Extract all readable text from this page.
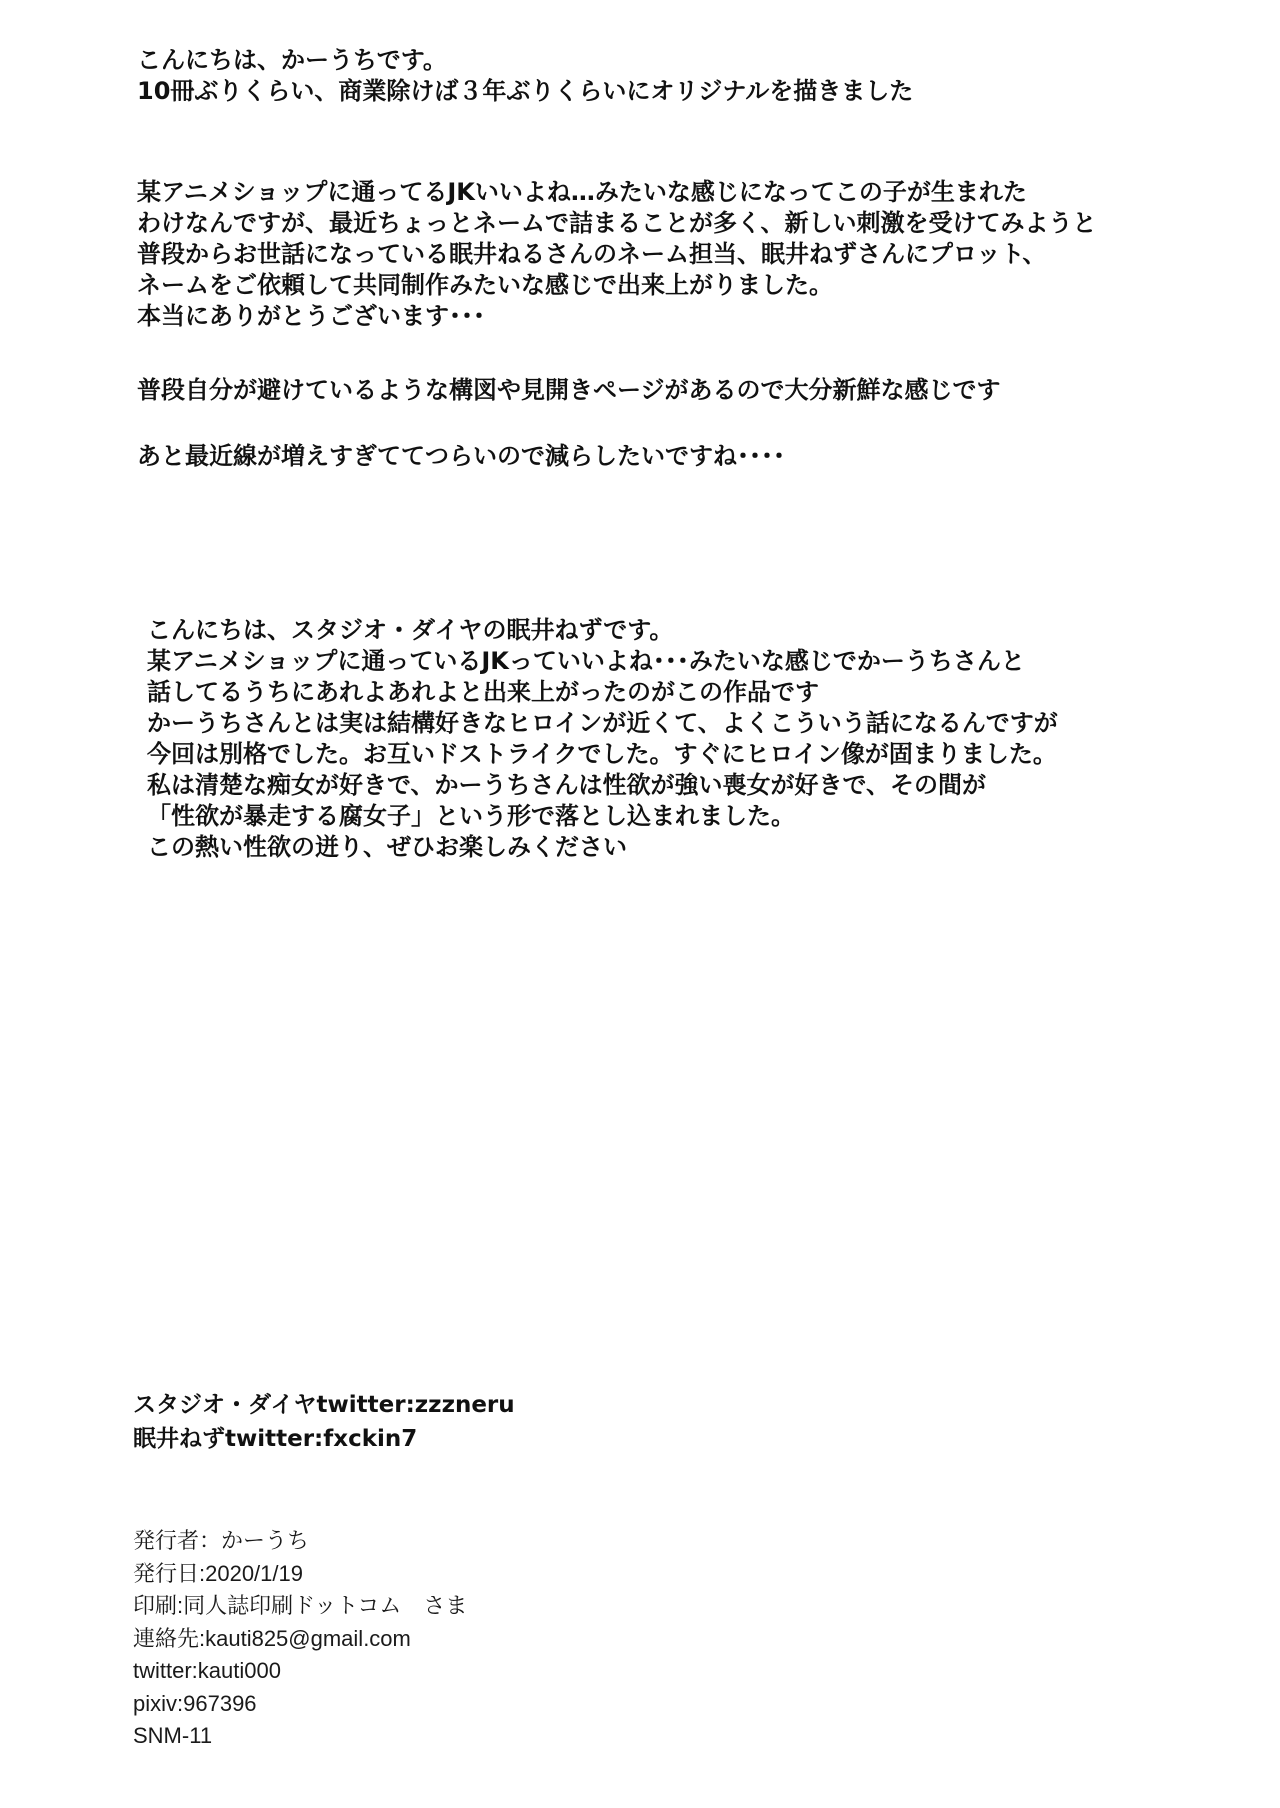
こんにちは、かーうちです。
10冊ぶりくらい、商業除けば３年ぶりくらいにオリジナルを描きました
某アニメショップに通ってるJKいいよね…みたいな感じになってこの子が生まれた
わけなんですが、最近ちょっとネームで詰まることが多く、新しい刺激を受けてみようと
普段からお世話になっている眠井ねるさんのネーム担当、眠井ねずさんにプロット、
ネームをご依頼して共同制作みたいな感じで出来上がりました。
本当にありがとうございます･･･
普段自分が避けているような構図や見開きページがあるので大分新鮮な感じです
あと最近線が増えすぎててつらいので減らしたいですね････
こんにちは、スタジオ・ダイヤの眠井ねずです。
某アニメショップに通っているJKっていいよね･･･みたいな感じでかーうちさんと
話してるうちにあれよあれよと出来上がったのがこの作品です
かーうちさんとは実は結構好きなヒロインが近くて、よくこういう話になるんですが
今回は別格でした。お互いドストライクでした。すぐにヒロイン像が固まりました。
私は清楚な痴女が好きで、かーうちさんは性欲が強い喪女が好きで、その間が
「性欲が暴走する腐女子」という形で落とし込まれました。
この熱い性欲の迸り、ぜひお楽しみください
スタジオ・ダイヤtwitter:zzzneru
眠井ねずtwitter:fxckin7
発行者：かーうち
発行日:2020/1/19
印刷:同人誌印刷ドットコム　さま
連絡先:kauti825@gmail.com
twitter:kauti000
pixiv:967396
SNM-11
